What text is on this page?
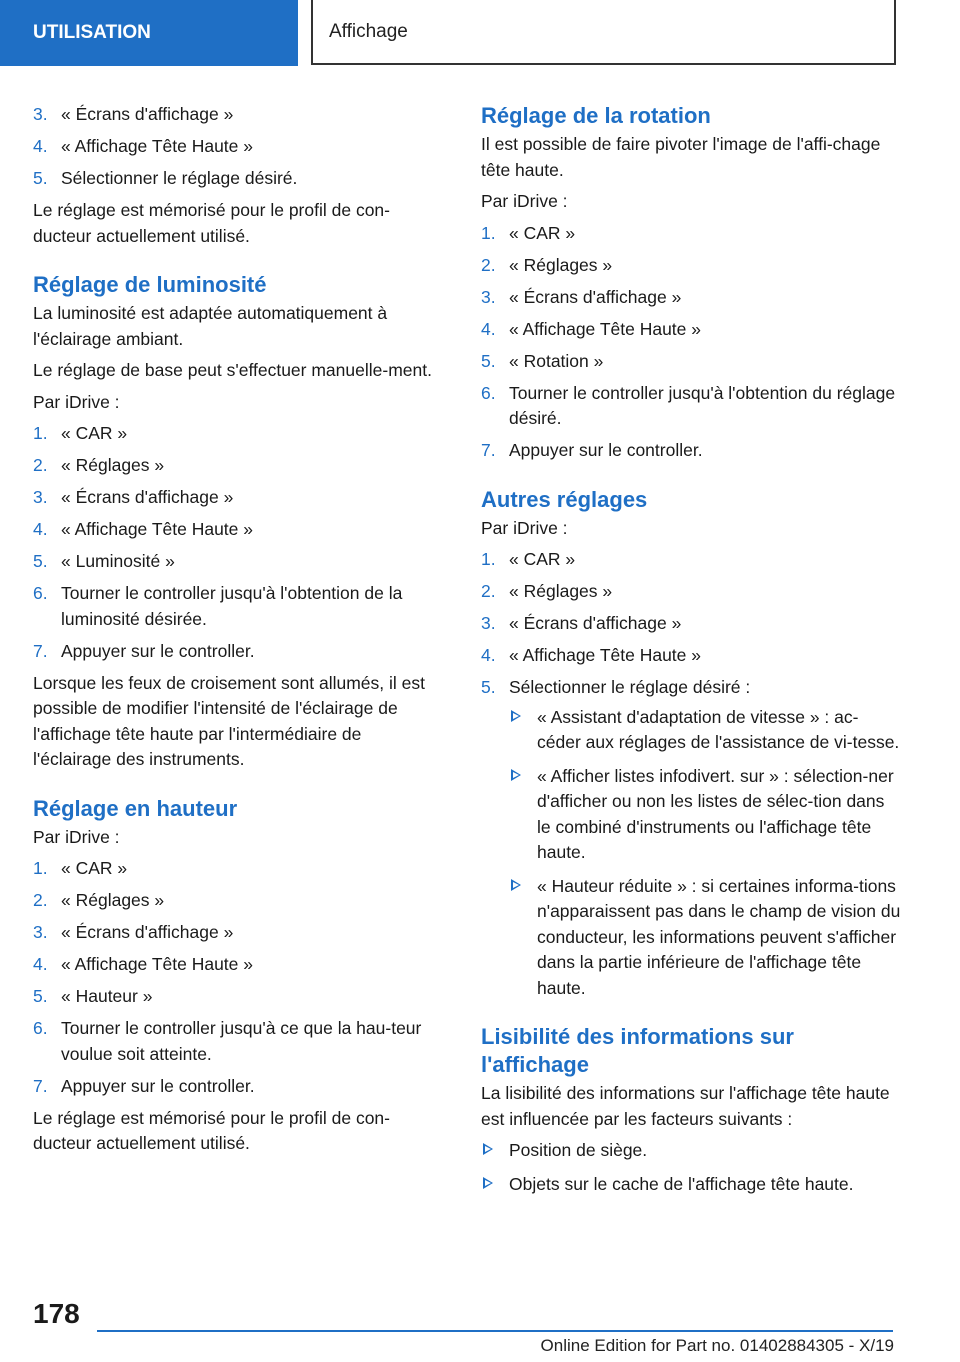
UTILISATION	Affichage
3. « Écrans d'affichage »
4. « Affichage Tête Haute »
5. Sélectionner le réglage désiré.

Le réglage est mémorisé pour le profil de con-ducteur actuellement utilisé.

Réglage de luminosité

La luminosité est adaptée automatiquement à l'éclairage ambiant.

Le réglage de base peut s'effectuer manuelle-ment.

Par iDrive :

1. « CAR »
2. « Réglages »
3. « Écrans d'affichage »
4. « Affichage Tête Haute »
5. « Luminosité »
6. Tourner le controller jusqu'à l'obtention de la luminosité désirée.
7. Appuyer sur le controller.

Lorsque les feux de croisement sont allumés, il est possible de modifier l'intensité de l'éclairage de l'affichage tête haute par l'intermédiaire de l'éclairage des instruments.

Réglage en hauteur

Par iDrive :

1. « CAR »
2. « Réglages »
3. « Écrans d'affichage »
4. « Affichage Tête Haute »
5. « Hauteur »
6. Tourner le controller jusqu'à ce que la hau-teur voulue soit atteinte.
7. Appuyer sur le controller.

Le réglage est mémorisé pour le profil de con-ducteur actuellement utilisé.

Réglage de la rotation

Il est possible de faire pivoter l'image de l'affi-chage tête haute.

Par iDrive :

1. « CAR »
2. « Réglages »
3. « Écrans d'affichage »
4. « Affichage Tête Haute »
5. « Rotation »
6. Tourner le controller jusqu'à l'obtention du réglage désiré.
7. Appuyer sur le controller.
Autres réglages

Par iDrive :

1. « CAR »
2. « Réglages »
3. « Écrans d'affichage »
4. « Affichage Tête Haute »
5. Sélectionner le réglage désiré :
« Assistant d'adaptation de vitesse » : ac-céder aux réglages de l'assistance de vi-tesse.
« Afficher listes infodivert. sur » : sélection-ner d'afficher ou non les listes de sélec-tion dans le combiné d'instruments ou l'affichage tête haute.
« Hauteur réduite » : si certaines informa-tions n'apparaissent pas dans le champ de vision du conducteur, les informations peuvent s'afficher dans la partie inférieure de l'affichage tête haute.
Lisibilité des informations sur l'affichage

La lisibilité des informations sur l'affichage tête haute est influencée par les facteurs suivants :

Position de siège.
Objets sur le cache de l'affichage tête haute.
178
Online Edition for Part no. 01402884305 - X/19
